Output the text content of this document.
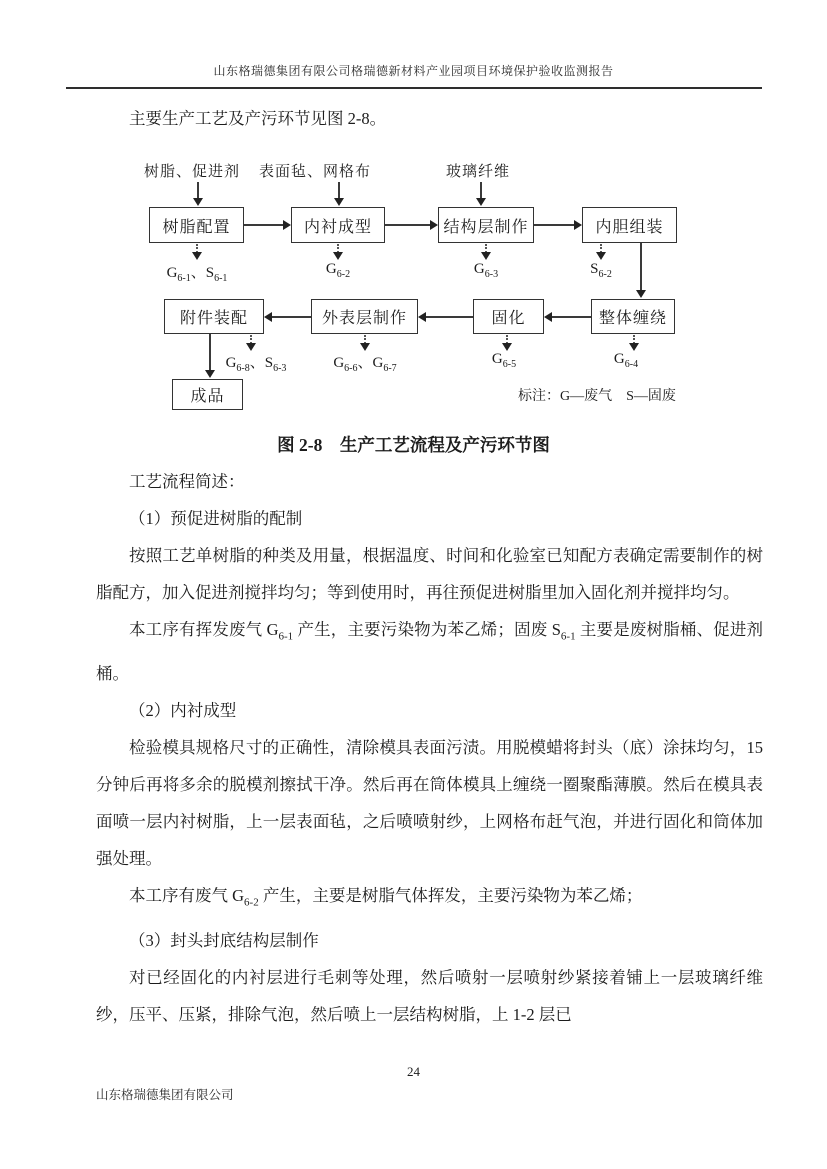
山东格瑞德集团有限公司格瑞德新材料产业园项目环境保护验收监测报告
主要生产工艺及产污环节见图 2-8。
树脂、促进剂 表面毡、网格布	玻璃纤维
树脂配置	内衬成型	结构层制作	内胆组装
$G_{6-1}$、$S_{6-1}$
$G_{6-2}$	$G_{6-3}$	$S_{6-2}$
附件装配	外表层制作	固化	整体缠绕
$G_{6-8}$、$S_{6-3}$	$G_{6-6}$、$G_{6-7}$
$G_{6-5}$	$G_{6-4}$
成品	标注：G—废气　S—固废
图 2-8　生产工艺流程及产污环节图

工艺流程简述：

（1）预促进树脂的配制

按照工艺单树脂的种类及用量，根据温度、时间和化验室已知配方表确定需要制作的树脂配方，加入促进剂搅拌均匀；等到使用时，再往预促进树脂里加入固化剂并搅拌均匀。

本工序有挥发废气 $G_{6-1}$ 产生，主要污染物为苯乙烯；固废 $S_{6-1}$ 主要是废树脂桶、促进剂桶。

（2）内衬成型

检验模具规格尺寸的正确性，清除模具表面污渍。用脱模蜡将封头（底）涂抹均匀，15 分钟后再将多余的脱模剂擦拭干净。然后再在筒体模具上缠绕一圈聚酯薄膜。然后在模具表面喷一层内衬树脂，上一层表面毡，之后喷喷射纱，上网格布赶气泡，并进行固化和筒体加强处理。

本工序有废气 $G_{6-2}$ 产生，主要是树脂气体挥发，主要污染物为苯乙烯；

（3）封头封底结构层制作

对已经固化的内衬层进行毛刺等处理，然后喷射一层喷射纱紧接着铺上一层玻璃纤维纱，压平、压紧，排除气泡，然后喷上一层结构树脂，上 1-2 层已

24
山东格瑞德集团有限公司
